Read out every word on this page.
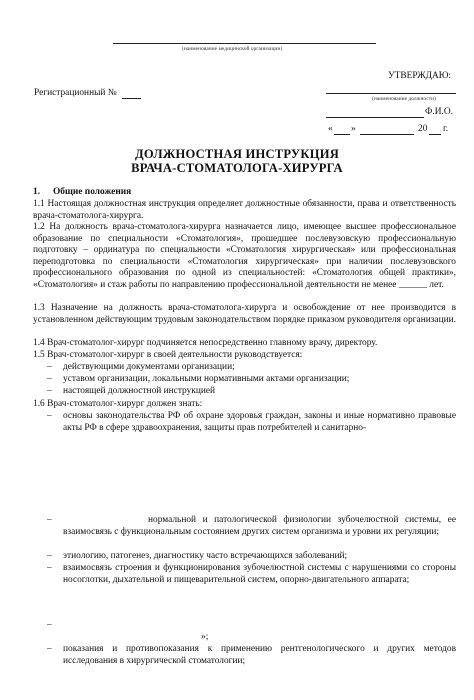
(наименование медицинской организации)
УТВЕРЖДАЮ:
Регистрационный №
(наименование должности)
Ф.И.О.
« »	20 г.
ДОЛЖНОСТНАЯ ИНСТРУКЦИЯ
ВРАЧА-СТОМАТОЛОГА-ХИРУРГА
1. Общие положения
1.1 Настоящая должностная инструкция определяет должностные обязанности, права и ответственность врача-стоматолога-хирурга.
1.2 На должность врача-стоматолога-хирурга назначается лицо, имеющее высшее профессиональное образование по специальности «Стоматология», прошедшее послевузовскую профессиональную подготовку – ординатура по специальности «Стоматология хирургическая» или профессиональная переподготовка по специальности «Стоматология хирургическая» при наличии послевузовского профессионального образования по одной из специальностей: «Стоматология общей практики», «Стоматология» и стаж работы по направлению профессиональной деятельности не менее ______ лет.
1.3 Назначение на должность врача-стоматолога-хирурга и освобождение от нее производится в установленном действующим трудовым законодательством порядке приказом руководителя организации.
1.4 Врач-стоматолог-хирург подчиняется непосредственно главному врачу, директору.
1.5 Врач-стоматолог-хирург в своей деятельности руководствуется:
– действующими документами организации;
– уставом организации, локальными нормативными актами организации;
– настоящей должностной инструкцией
1.6 Врач-стоматолог-хирург должен знать:
– основы законодательства РФ об охране здоровья граждан, законы и иные нормативно правовые акты РФ в сфере здравоохранения, защиты прав потребителей и санитарно-
–	нормальной и патологической физиологии зубочелюстной системы, ее взаимосвязь с функциональным состоянием других систем организма и уровни их регуляции;
– этиологию, патогенез, диагностику часто встречающихся заболеваний;
– взаимосвязь строения и функционирования зубочелюстной системы с нарушениями со стороны носоглотки, дыхательной и пищеварительной систем, опорно-двигательного аппарата;
–
»;
– показания и противопоказания к применению рентгенологического и других методов исследования в хирургической стоматологии;
